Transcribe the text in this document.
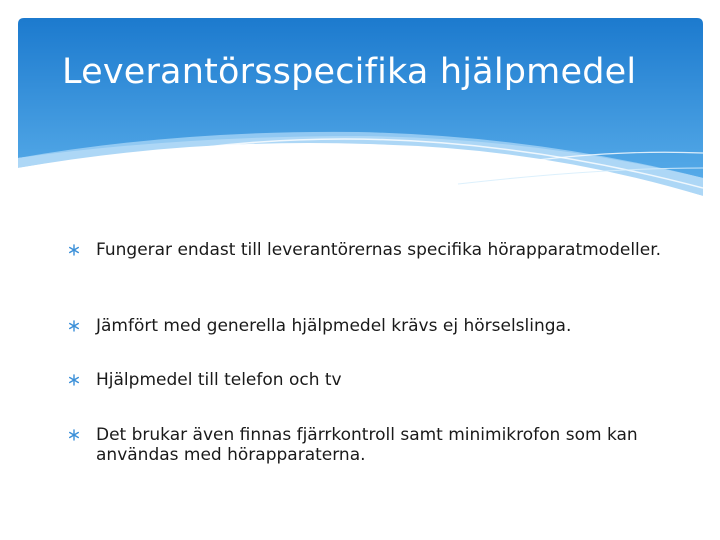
Leverantörsspecifika hjälpmedel
Fungerar endast till leverantörernas specifika hörapparatmodeller.
Jämfört med generella hjälpmedel krävs ej hörselslinga.
Hjälpmedel till telefon och tv
Det brukar även finnas fjärrkontroll samt minimikrofon som kan användas med hörapparaterna.
